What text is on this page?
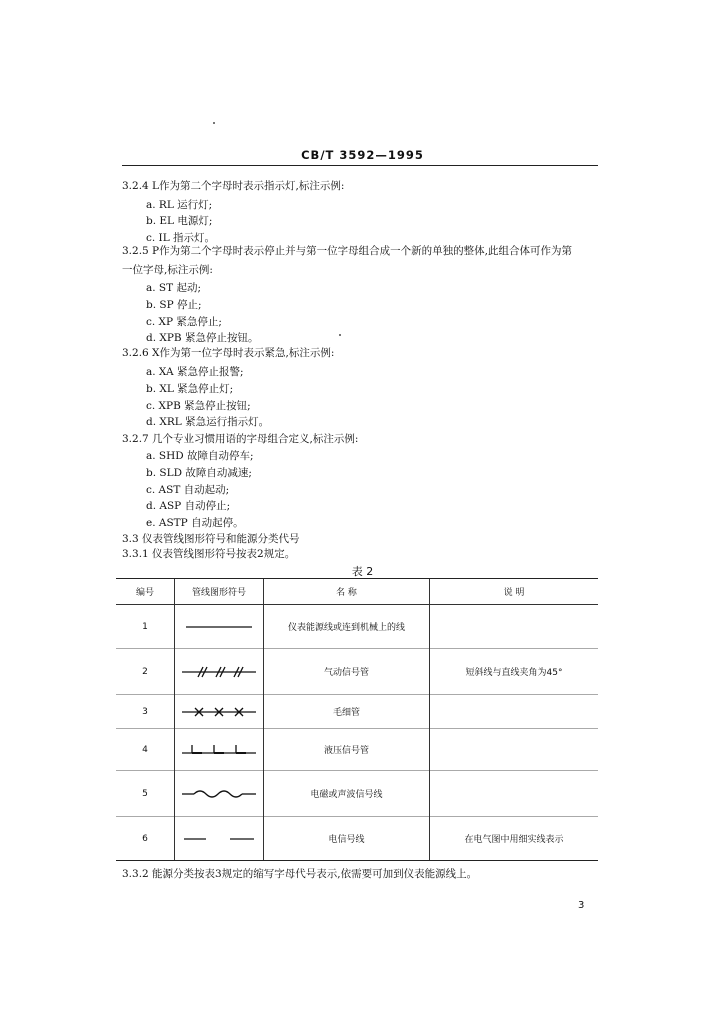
CB/T 3592—1995
3.2.4 L作为第二个字母时表示指示灯,标注示例:
a. RL 运行灯;
b. EL 电源灯;
c. IL 指示灯。
3.2.5 P作为第二个字母时表示停止并与第一位字母组合成一个新的单独的整体,此组合体可作为第
一位字母,标注示例:
a. ST 起动;
b. SP 停止;
c. XP 紧急停止;
d. XPB 紧急停止按钮。
3.2.6 X作为第一位字母时表示紧急,标注示例:
a. XA 紧急停止报警;
b. XL 紧急停止灯;
c. XPB 紧急停止按钮;
d. XRL 紧急运行指示灯。
3.2.7 几个专业习惯用语的字母组合定义,标注示例:
a. SHD 故障自动停车;
b. SLD 故障自动减速;
c. AST 自动起动;
d. ASP 自动停止;
e. ASTP 自动起停。
3.3 仪表管线图形符号和能源分类代号
3.3.1 仪表管线图形符号按表2规定。
表 2
编号	管线图形符号	名 称	说 明
1		仪表能源线或连到机械上的线	
2		气动信号管	短斜线与直线夹角为45°
3		毛细管	
4		液压信号管	
5		电磁或声波信号线	
6		电信号线	在电气图中用细实线表示
3.3.2 能源分类按表3规定的缩写字母代号表示,依需要可加到仪表能源线上。
3
